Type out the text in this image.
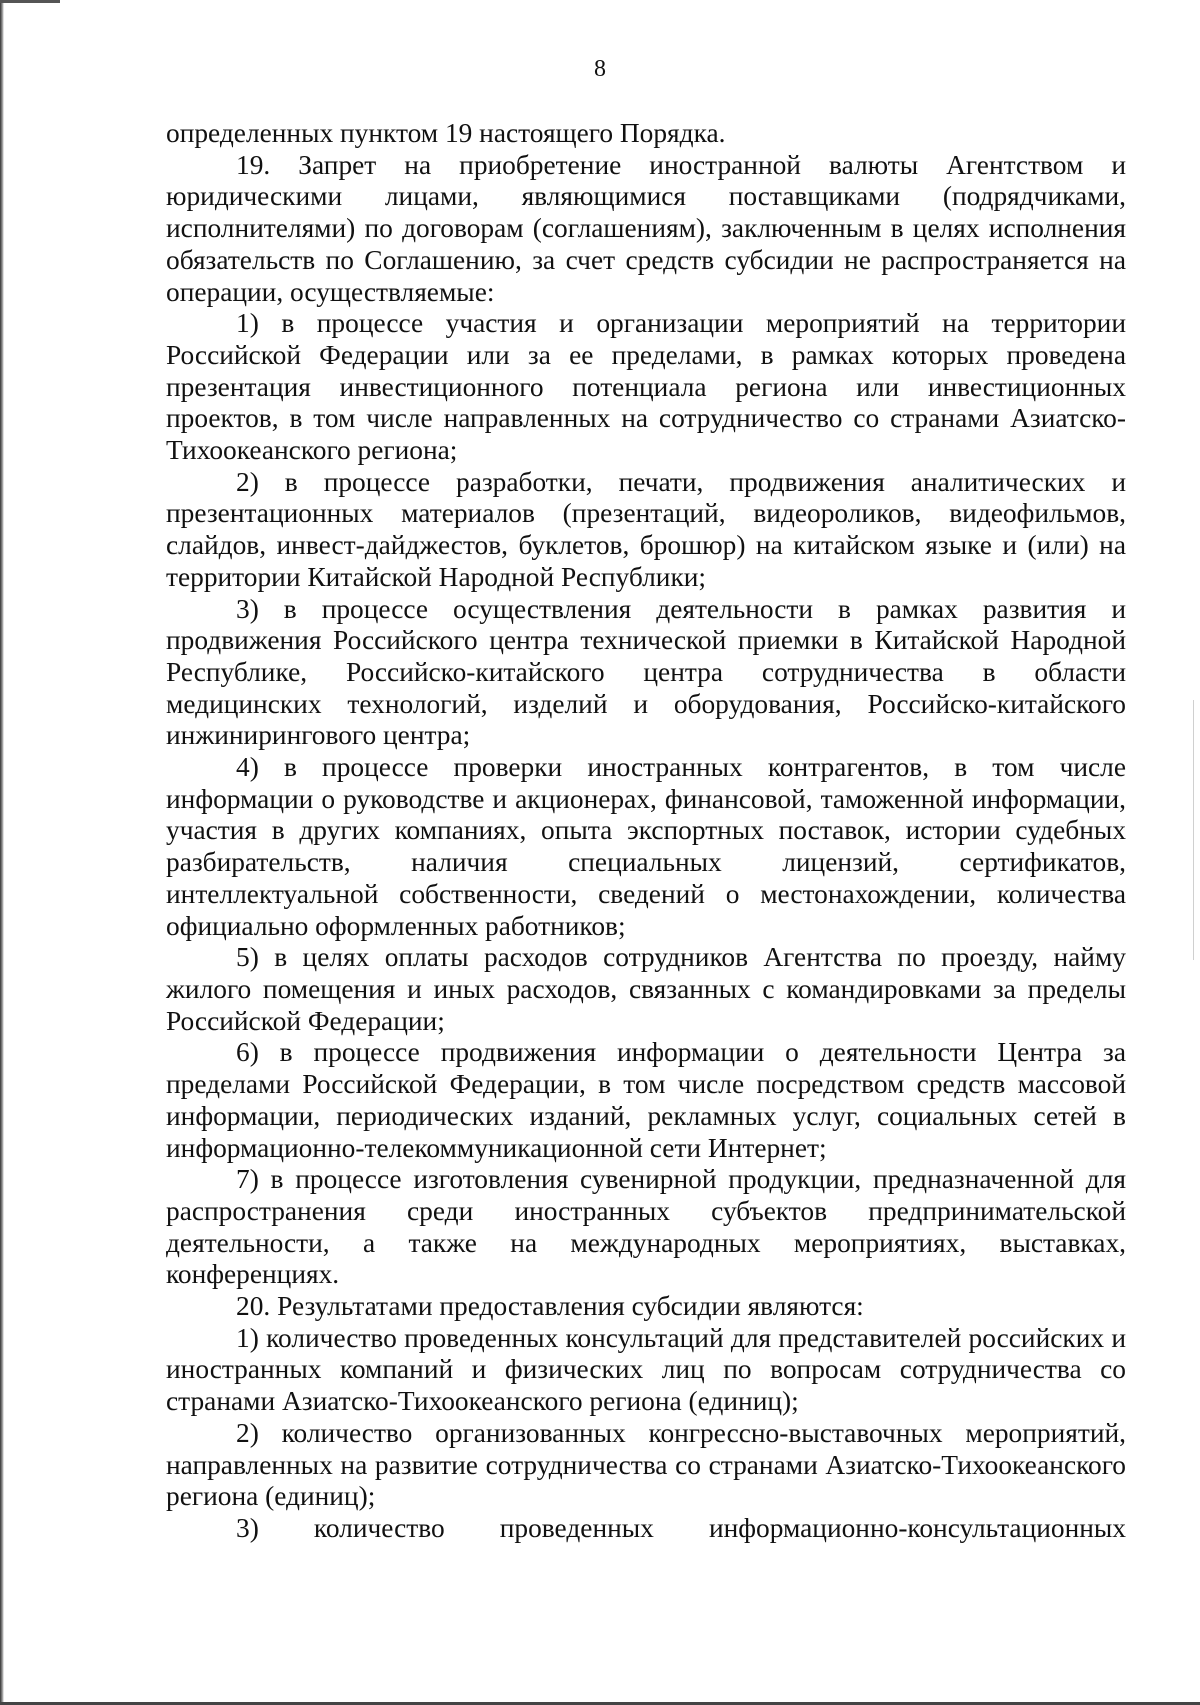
8

определенных пунктом 19 настоящего Порядка.

19. Запрет на приобретение иностранной валюты Агентством и юридическими лицами, являющимися поставщиками (подрядчиками, исполнителями) по договорам (соглашениям), заключенным в целях исполнения обязательств по Соглашению, за счет средств субсидии не распространяется на операции, осуществляемые:

1) в процессе участия и организации мероприятий на территории Российской Федерации или за ее пределами, в рамках которых проведена презентация инвестиционного потенциала региона или инвестиционных проектов, в том числе направленных на сотрудничество со странами Азиатско-Тихоокеанского региона;

2) в процессе разработки, печати, продвижения аналитических и презентационных материалов (презентаций, видеороликов, видеофильмов, слайдов, инвест-дайджестов, буклетов, брошюр) на китайском языке и (или) на территории Китайской Народной Республики;

3) в процессе осуществления деятельности в рамках развития и продвижения Российского центра технической приемки в Китайской Народной Республике, Российско-китайского центра сотрудничества в области медицинских технологий, изделий и оборудования, Российско-китайского инжинирингового центра;

4) в процессе проверки иностранных контрагентов, в том числе информации о руководстве и акционерах, финансовой, таможенной информации, участия в других компаниях, опыта экспортных поставок, истории судебных разбирательств, наличия специальных лицензий, сертификатов, интеллектуальной собственности, сведений о местонахождении, количества официально оформленных работников;

5) в целях оплаты расходов сотрудников Агентства по проезду, найму жилого помещения и иных расходов, связанных с командировками за пределы Российской Федерации;

6) в процессе продвижения информации о деятельности Центра за пределами Российской Федерации, в том числе посредством средств массовой информации, периодических изданий, рекламных услуг, социальных сетей в информационно-телекоммуникационной сети Интернет;

7) в процессе изготовления сувенирной продукции, предназначенной для распространения среди иностранных субъектов предпринимательской деятельности, а также на международных мероприятиях, выставках, конференциях.

20. Результатами предоставления субсидии являются:

1) количество проведенных консультаций для представителей российских и иностранных компаний и физических лиц по вопросам сотрудничества со странами Азиатско-Тихоокеанского региона (единиц);

2) количество организованных конгрессно-выставочных мероприятий, направленных на развитие сотрудничества со странами Азиатско-Тихоокеанского региона (единиц);

3) количество проведенных информационно-консультационных
